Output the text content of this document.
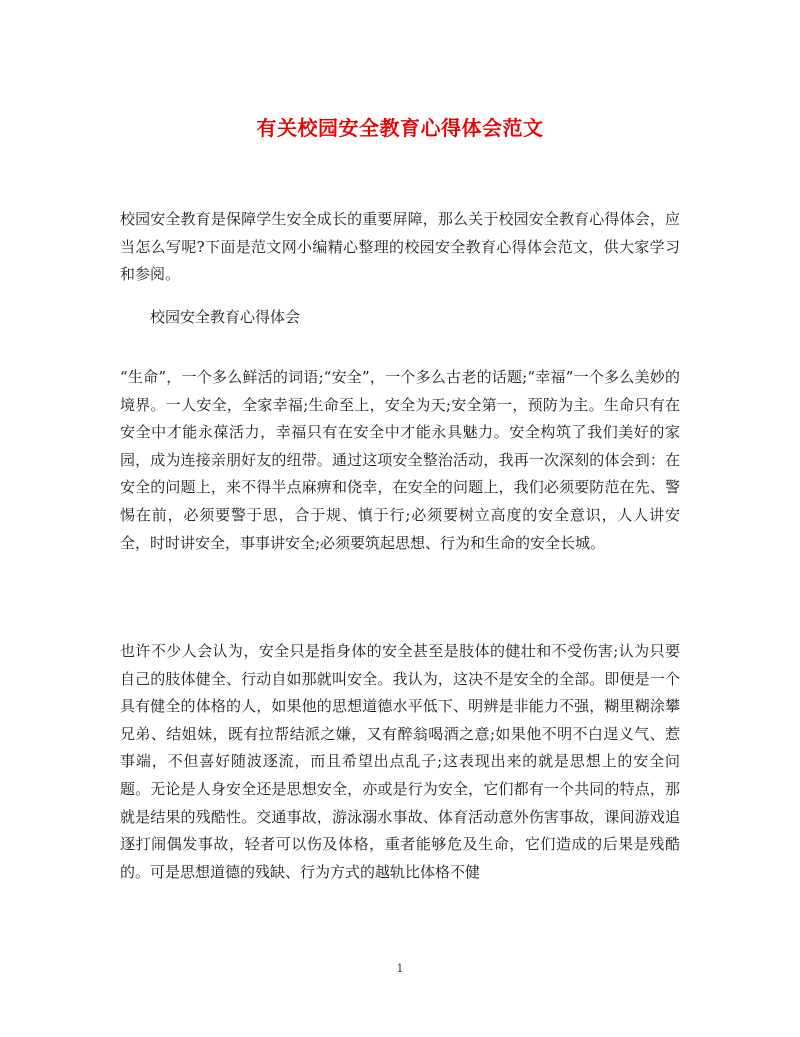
有关校园安全教育心得体会范文

校园安全教育是保障学生安全成长的重要屏障，那么关于校园安全教育心得体会，应当怎么写呢?下面是范文网小编精心整理的校园安全教育心得体会范文，供大家学习和参阅。

校园安全教育心得体会

“生命”，一个多么鲜活的词语;“安全”，一个多么古老的话题;“幸福”一个多么美妙的境界。一人安全，全家幸福;生命至上，安全为天;安全第一，预防为主。生命只有在安全中才能永葆活力，幸福只有在安全中才能永具魅力。安全构筑了我们美好的家园，成为连接亲朋好友的纽带。通过这项安全整治活动，我再一次深刻的体会到：在安全的问题上，来不得半点麻痹和侥幸，在安全的问题上，我们必须要防范在先、警惕在前，必须要警于思，合于规、慎于行;必须要树立高度的安全意识，人人讲安全，时时讲安全，事事讲安全;必须要筑起思想、行为和生命的安全长城。

也许不少人会认为，安全只是指身体的安全甚至是肢体的健壮和不受伤害;认为只要自己的肢体健全、行动自如那就叫安全。我认为，这决不是安全的全部。即便是一个具有健全的体格的人，如果他的思想道德水平低下、明辨是非能力不强，糊里糊涂攀兄弟、结姐妹，既有拉帮结派之嫌，又有醉翁喝酒之意;如果他不明不白逞义气、惹事端，不但喜好随波逐流，而且希望出点乱子;这表现出来的就是思想上的安全问题。无论是人身安全还是思想安全，亦或是行为安全，它们都有一个共同的特点，那就是结果的残酷性。交通事故，游泳溺水事故、体育活动意外伤害事故，课间游戏追逐打闹偶发事故，轻者可以伤及体格，重者能够危及生命，它们造成的后果是残酷的。可是思想道德的残缺、行为方式的越轨比体格不健

1
